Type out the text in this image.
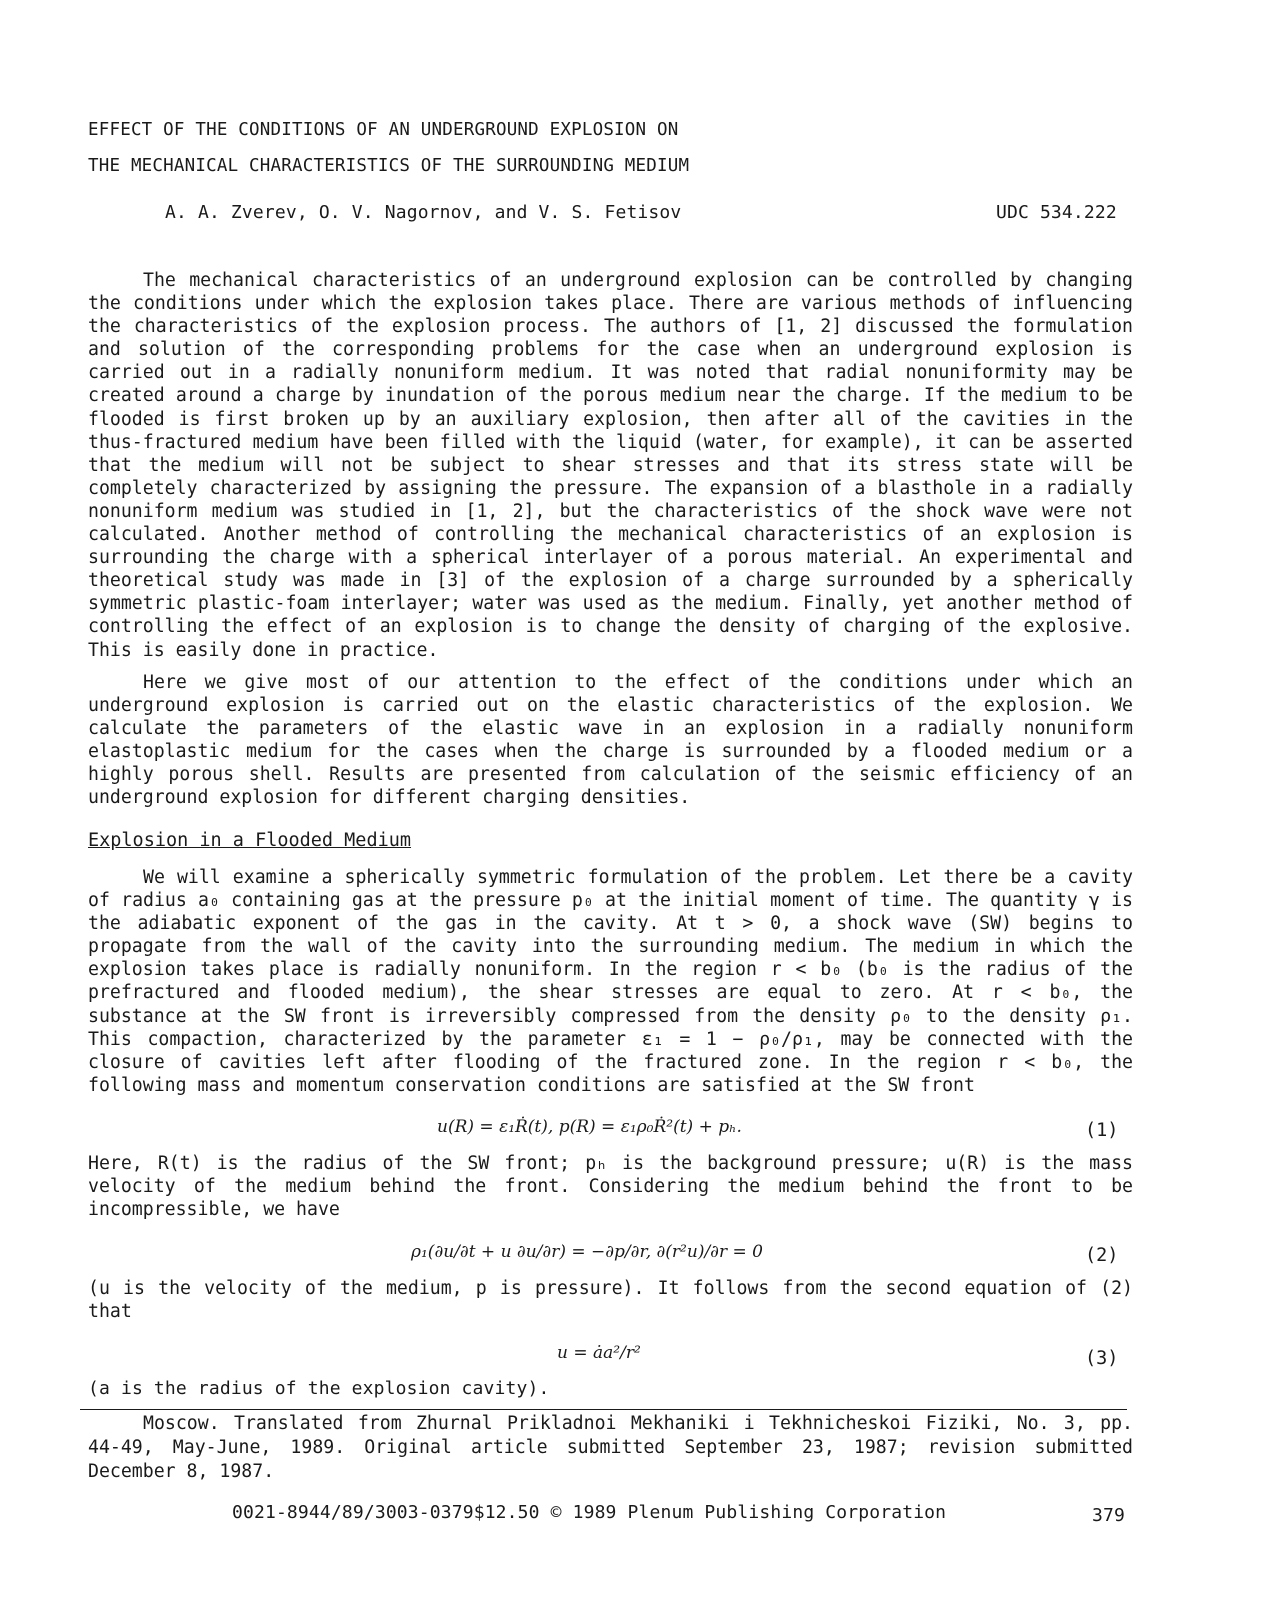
EFFECT OF THE CONDITIONS OF AN UNDERGROUND EXPLOSION ON
THE MECHANICAL CHARACTERISTICS OF THE SURROUNDING MEDIUM
A. A. Zverev, O. V. Nagornov, and V. S. Fetisov	UDC 534.222
The mechanical characteristics of an underground explosion can be controlled by changing the conditions under which the explosion takes place. There are various methods of influencing the characteristics of the explosion process. The authors of [1, 2] discussed the formulation and solution of the corresponding problems for the case when an underground explosion is carried out in a radially nonuniform medium. It was noted that radial nonuniformity may be created around a charge by inundation of the porous medium near the charge. If the medium to be flooded is first broken up by an auxiliary explosion, then after all of the cavities in the thus-fractured medium have been filled with the liquid (water, for example), it can be asserted that the medium will not be subject to shear stresses and that its stress state will be completely characterized by assigning the pressure. The expansion of a blasthole in a radially nonuniform medium was studied in [1, 2], but the characteristics of the shock wave were not calculated. Another method of controlling the mechanical characteristics of an explosion is surrounding the charge with a spherical interlayer of a porous material. An experimental and theoretical study was made in [3] of the explosion of a charge surrounded by a spherically symmetric plastic-foam interlayer; water was used as the medium. Finally, yet another method of controlling the effect of an explosion is to change the density of charging of the explosive. This is easily done in practice.
Here we give most of our attention to the effect of the conditions under which an underground explosion is carried out on the elastic characteristics of the explosion. We calculate the parameters of the elastic wave in an explosion in a radially nonuniform elastoplastic medium for the cases when the charge is surrounded by a flooded medium or a highly porous shell. Results are presented from calculation of the seismic efficiency of an underground explosion for different charging densities.
Explosion in a Flooded Medium
We will examine a spherically symmetric formulation of the problem. Let there be a cavity of radius a₀ containing gas at the pressure p₀ at the initial moment of time. The quantity γ is the adiabatic exponent of the gas in the cavity. At t > 0, a shock wave (SW) begins to propagate from the wall of the cavity into the surrounding medium. The medium in which the explosion takes place is radially nonuniform. In the region r < b₀ (b₀ is the radius of the prefractured and flooded medium), the shear stresses are equal to zero. At r < b₀, the substance at the SW front is irreversibly compressed from the density ρ₀ to the density ρ₁. This compaction, characterized by the parameter ε₁ = 1 − ρ₀/ρ₁, may be connected with the closure of cavities left after flooding of the fractured zone. In the region r < b₀, the following mass and momentum conservation conditions are satisfied at the SW front
u(R) = ε₁Ṙ(t), p(R) = ε₁ρ₀Ṙ²(t) + pₕ.	(1)
Here, R(t) is the radius of the SW front; pₕ is the background pressure; u(R) is the mass velocity of the medium behind the front. Considering the medium behind the front to be incompressible, we have
ρ₁(∂u/∂t + u ∂u/∂r) = −∂p/∂r, ∂(r²u)/∂r = 0	(2)
(u is the velocity of the medium, p is pressure). It follows from the second equation of (2) that
u = ȧa²/r²	(3)
(a is the radius of the explosion cavity).
Moscow. Translated from Zhurnal Prikladnoi Mekhaniki i Tekhnicheskoi Fiziki, No. 3, pp. 44-49, May-June, 1989. Original article submitted September 23, 1987; revision submitted December 8, 1987.
0021-8944/89/3003-0379$12.50 © 1989 Plenum Publishing Corporation	379
